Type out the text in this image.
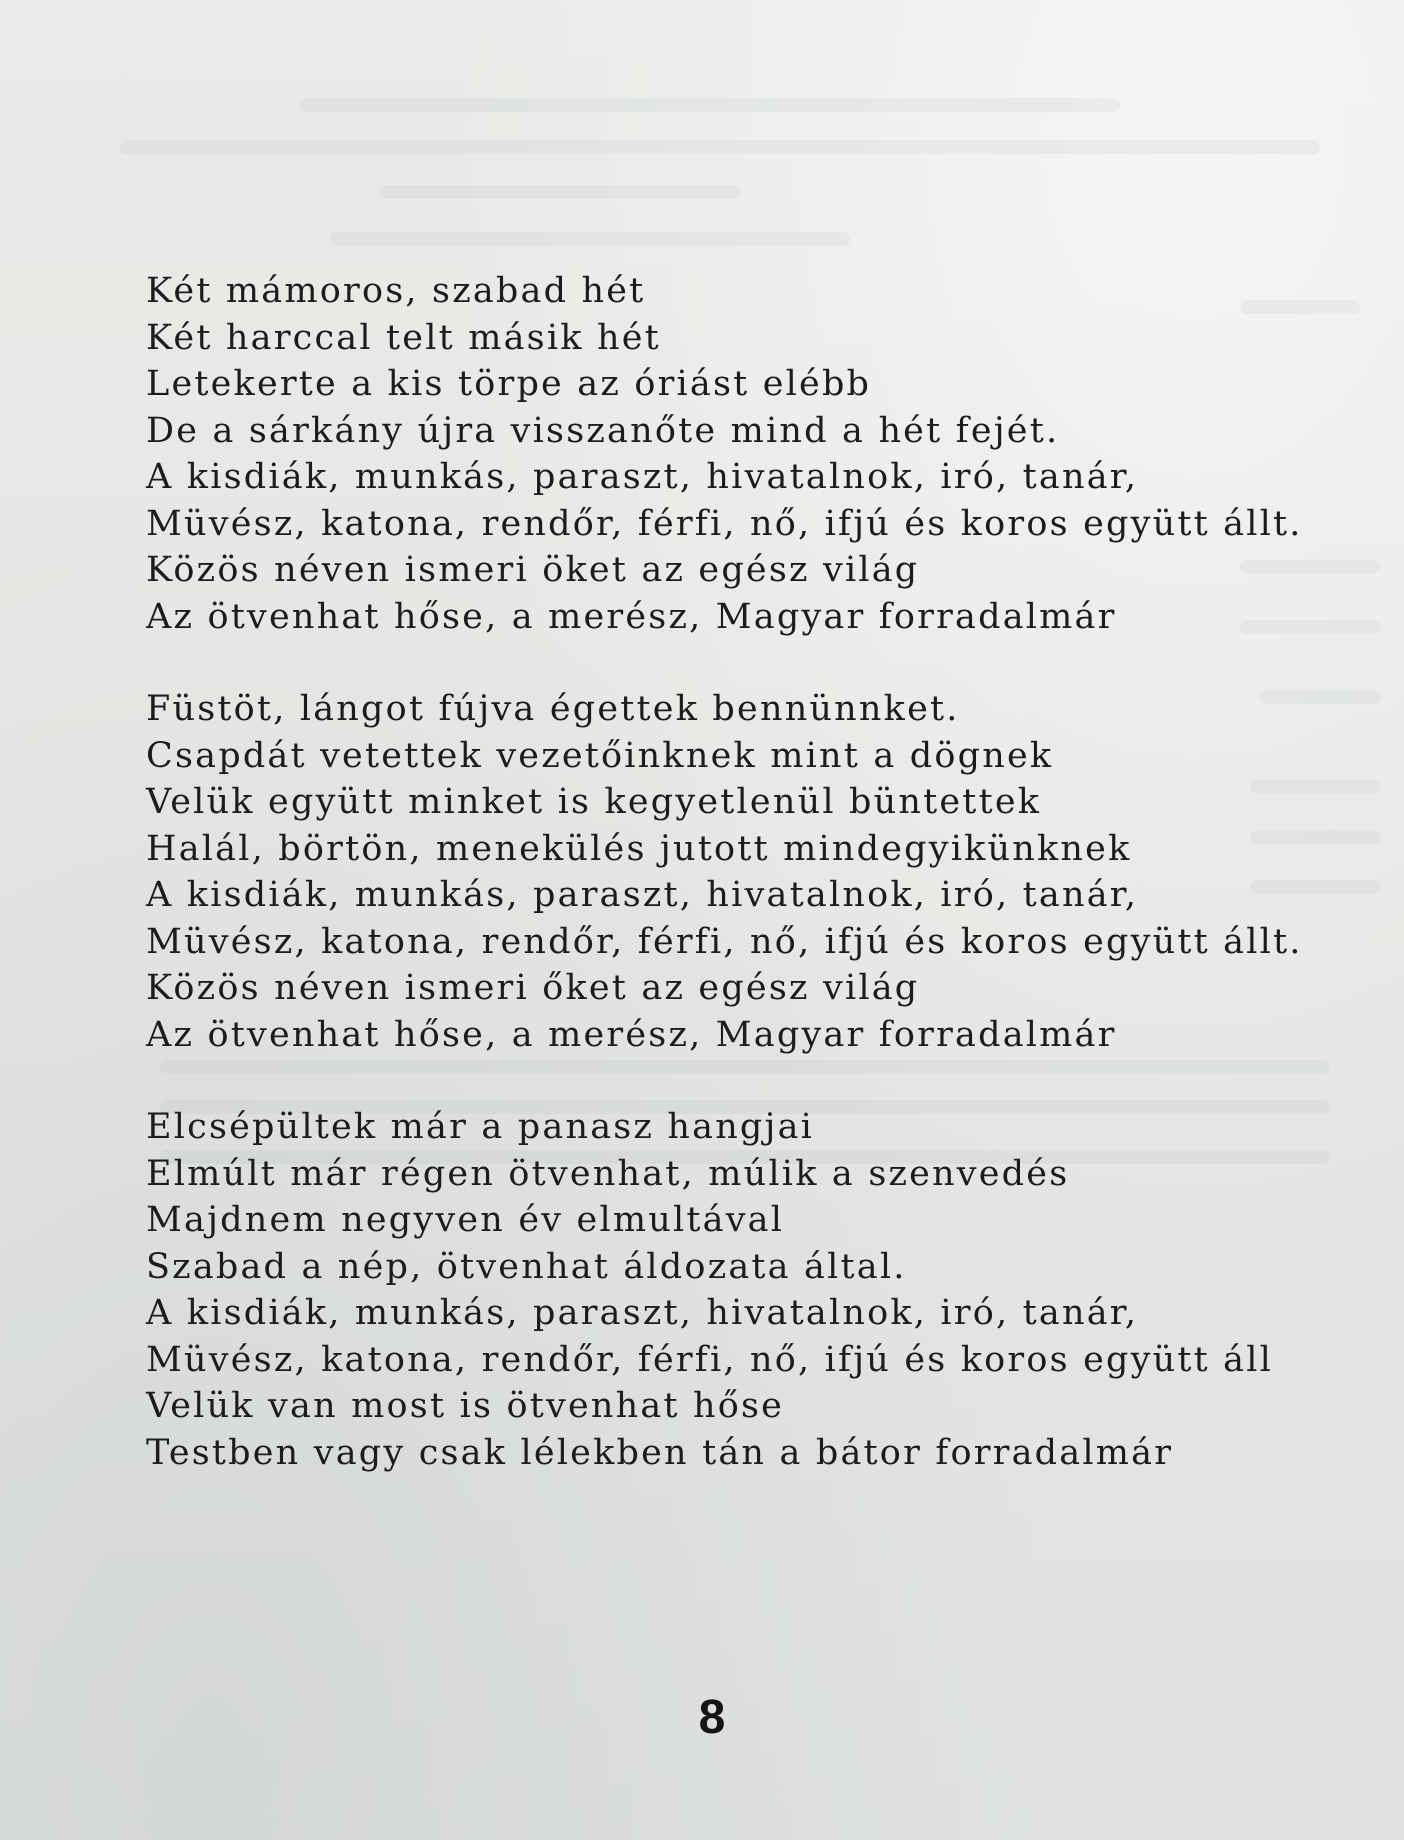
Két mámoros, szabad hét
Két harccal telt másik hét
Letekerte a kis törpe az óriást elébb
De a sárkány újra visszanőte mind a hét fejét.
A kisdiák, munkás, paraszt, hivatalnok, iró, tanár,
Müvész, katona, rendőr, férfi, nő, ifjú és koros együtt állt.
Közös néven ismeri öket az egész világ
Az ötvenhat hőse, a merész, Magyar forradalmár
Füstöt, lángot fújva égettek bennünnket.
Csapdát vetettek vezetőinknek mint a dögnek
Velük együtt minket is kegyetlenül büntettek
Halál, börtön, menekülés jutott mindegyikünknek
A kisdiák, munkás, paraszt, hivatalnok, iró, tanár,
Müvész, katona, rendőr, férfi, nő, ifjú és koros együtt állt.
Közös néven ismeri őket az egész világ
Az ötvenhat hőse, a merész, Magyar forradalmár
Elcsépültek már a panasz hangjai
Elmúlt már régen ötvenhat, múlik a szenvedés
Majdnem negyven év elmultával
Szabad a nép, ötvenhat áldozata által.
A kisdiák, munkás, paraszt, hivatalnok, iró, tanár,
Müvész, katona, rendőr, férfi, nő, ifjú és koros együtt áll
Velük van most is ötvenhat hőse
Testben vagy csak lélekben tán a bátor forradalmár
8
